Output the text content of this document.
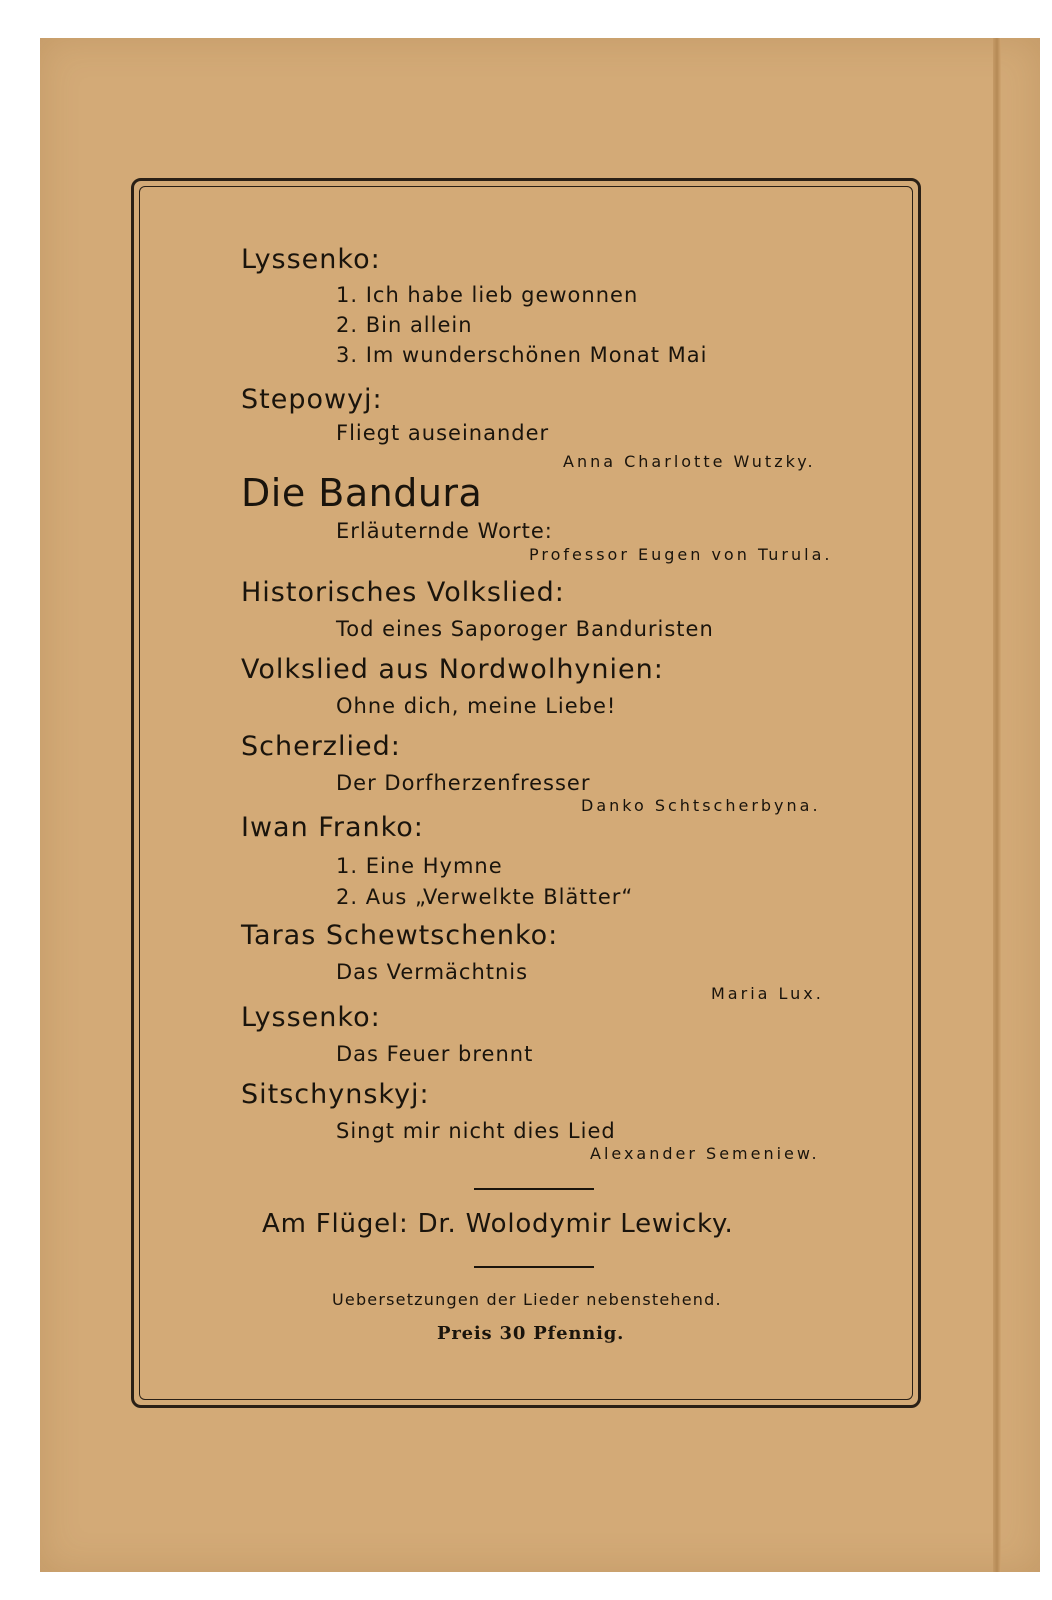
Lyssenko:
1. Ich habe lieb gewonnen
2. Bin allein
3. Im wunderschönen Monat Mai
Stepowyj:
Fliegt auseinander
Anna Charlotte Wutzky.
Die Bandura
Erläuternde Worte:
Professor Eugen von Turula.
Historisches Volkslied:
Tod eines Saporoger Banduristen
Volkslied aus Nordwolhynien:
Ohne dich, meine Liebe!
Scherzlied:
Der Dorfherzenfresser
Danko Schtscherbyna.
Iwan Franko:
1. Eine Hymne
2. Aus „Verwelkte Blätter“
Taras Schewtschenko:
Das Vermächtnis
Maria Lux.
Lyssenko:
Das Feuer brennt
Sitschynskyj:
Singt mir nicht dies Lied
Alexander Semeniew.
Am Flügel: Dr. Wolodymir Lewicky.
Uebersetzungen der Lieder nebenstehend.
Preis 30 Pfennig.
